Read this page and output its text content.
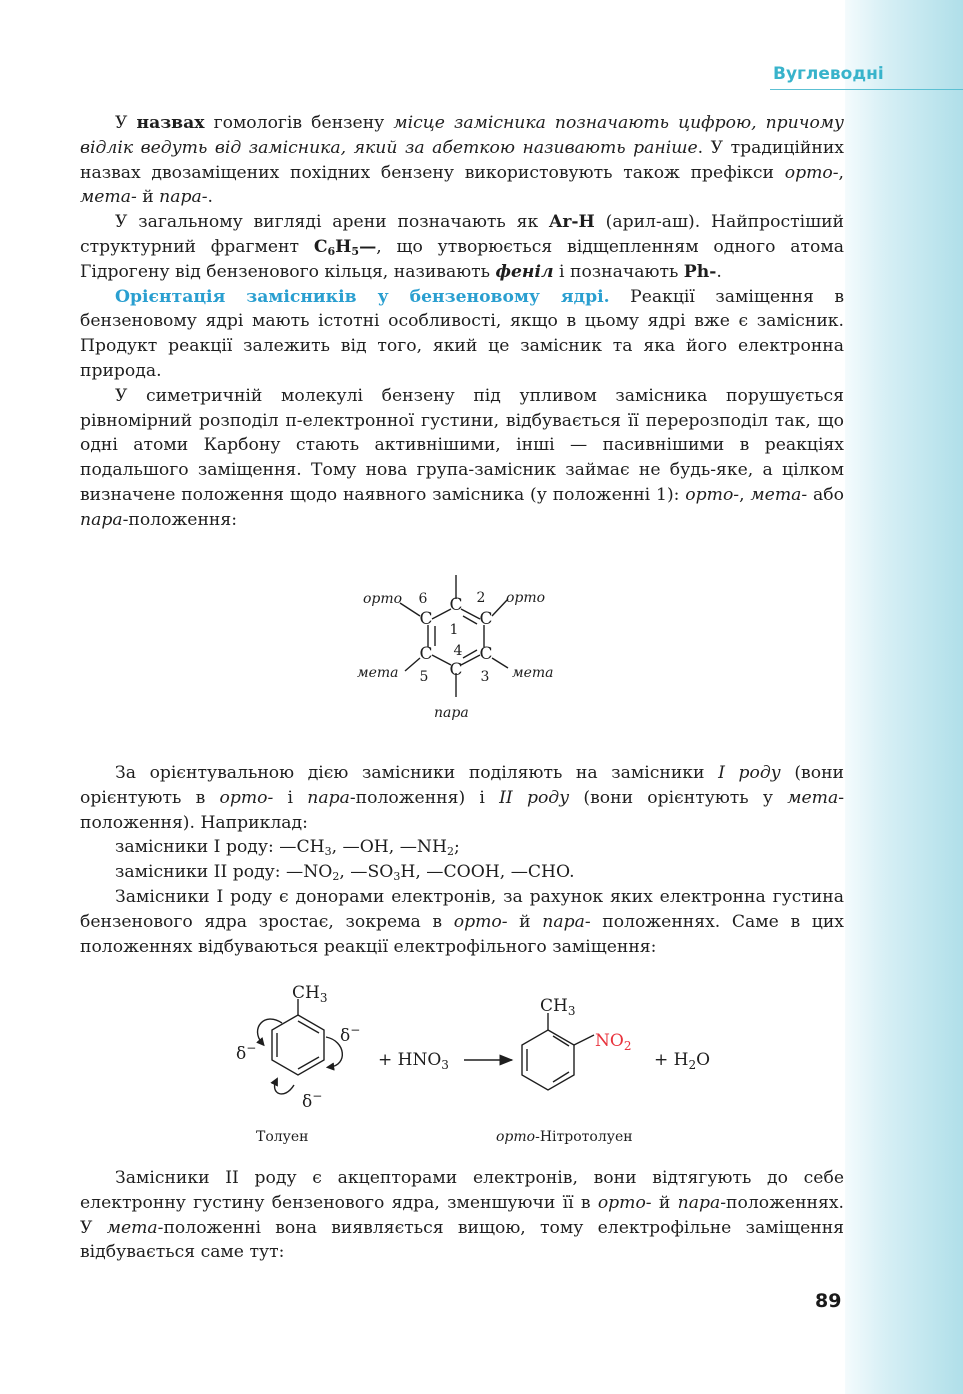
Вуглеводні

У назвах гомологів бензену місце замісника позначають цифрою, причому відлік ведуть від замісника, який за абеткою називають раніше. У традиційних назвах двозаміщених похідних бензену використовують також префікси орто-, мета- й пара-.

У загальному вигляді арени позначають як Ar-H (арил-аш). Найпростіший структурний фрагмент $C_6H_5—$, що утворюється відщепленням одного атома Гідрогену від бензенового кільця, називають феніл і позначають Ph-.

Орієнтація замісників у бензеновому ядрі. Реакції заміщення в бензеновому ядрі мають істотні особливості, якщо в цьому ядрі вже є замісник. Продукт реакції залежить від того, який це замісник та яка його електронна природа.

У симетричній молекулі бензену під упливом замісника порушується рівномірний розподіл π-електронної густини, відбувається її перерозподіл так, що одні атоми Карбону стають активнішими, інші — пасивнішими в реакціях подальшого заміщення. Тому нова група-замісник займає не будь-яке, а цілком визначене положення щодо наявного замісника (у положенні 1): орто-, мета- або пара-положення:

C
C
C
C
C
C
1
2
3
4
5
6
орто	орто
мета	мета
пара

За орієнтувальною дією замісники поділяють на замісники I роду (вони орієнтують в орто- і пара-положення) і II роду (вони орієнтують у мета-положення). Наприклад:

замісники I роду: $—CH_3$, —OH, $—NH_2$;

замісники II роду: $—NO_2$, $—SO_3H$, —COOH, —CHO.

Замісники I роду є донорами електронів, за рахунок яких електронна густина бензенового ядра зростає, зокрема в орто- й пара- положеннях. Саме в цих положеннях відбуваються реакції електрофільного заміщення:

$CH_3$
δ−
δ−
δ−
+ $HNO_3$
$CH_3$
$NO_2$
+ $H_2O$
Толуен	орто-Нітротолуен

Замісники II роду є акцепторами електронів, вони відтягують до себе електронну густину бензенового ядра, зменшуючи її в орто- й пара-положеннях. У мета-положенні вона виявляється вищою, тому електрофільне заміщення відбувається саме тут:

89
